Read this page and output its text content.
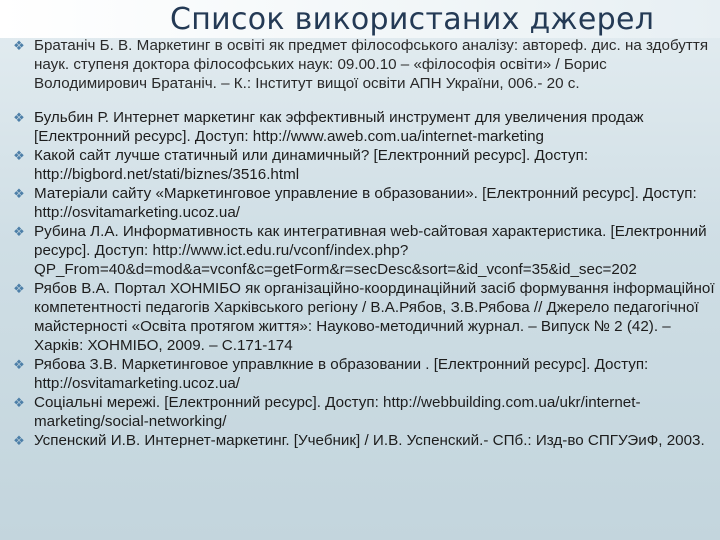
Список використаних джерел
❖ Братаніч Б. В. Маркетинг в освіті як предмет філософського аналізу: автореф. дис. на здобуття наук. ступеня доктора філософських наук: 09.00.10 – «філософія освіти» / Борис Володимирович Братаніч. – К.: Інститут вищої освіти АПН України, 006.- 20 с.
❖ Бульбин Р. Интернет маркетинг как эффективный инструмент для увеличения продаж [Електронний ресурс]. Доступ: http://www.aweb.com.ua/internet-marketing
❖ Какой сайт лучше статичный или динамичный? [Електронний ресурс]. Доступ: http://bigbord.net/stati/biznes/3516.html
❖ Матеріали сайту «Маркетинговое управление в образовании». [Електронний ресурс]. Доступ: http://osvitamarketing.ucoz.ua/
❖ Рубина Л.А. Информативность как интегративная web-сайтовая характеристика. [Електронний ресурс]. Доступ: http://www.ict.edu.ru/vconf/index.php?QP_From=40&d=mod&a=vconf&c=getForm&r=secDesc&sort=&id_vconf=35&id_sec=202
❖ Рябов В.А. Портал ХОНМІБО як організаційно-координаційний засіб формування інформаційної компетентності педагогів Харківського регіону / В.А.Рябов, З.В.Рябова // Джерело педагогічної майстерності «Освіта протягом життя»: Науково-методичний журнал. – Випуск № 2 (42). – Харків: ХОНМІБО, 2009. – С.171-174
❖ Рябова З.В. Маркетинговое управлкние в образовании . [Електронний ресурс]. Доступ: http://osvitamarketing.ucoz.ua/
❖ Соціальні мережі. [Електронний ресурс]. Доступ: http://webbuilding.com.ua/ukr/internet-marketing/social-networking/
❖ Успенский И.В. Интернет-маркетинг. [Учебник] / И.В. Успенский.- СПб.: Изд-во СПГУЭиФ, 2003.
